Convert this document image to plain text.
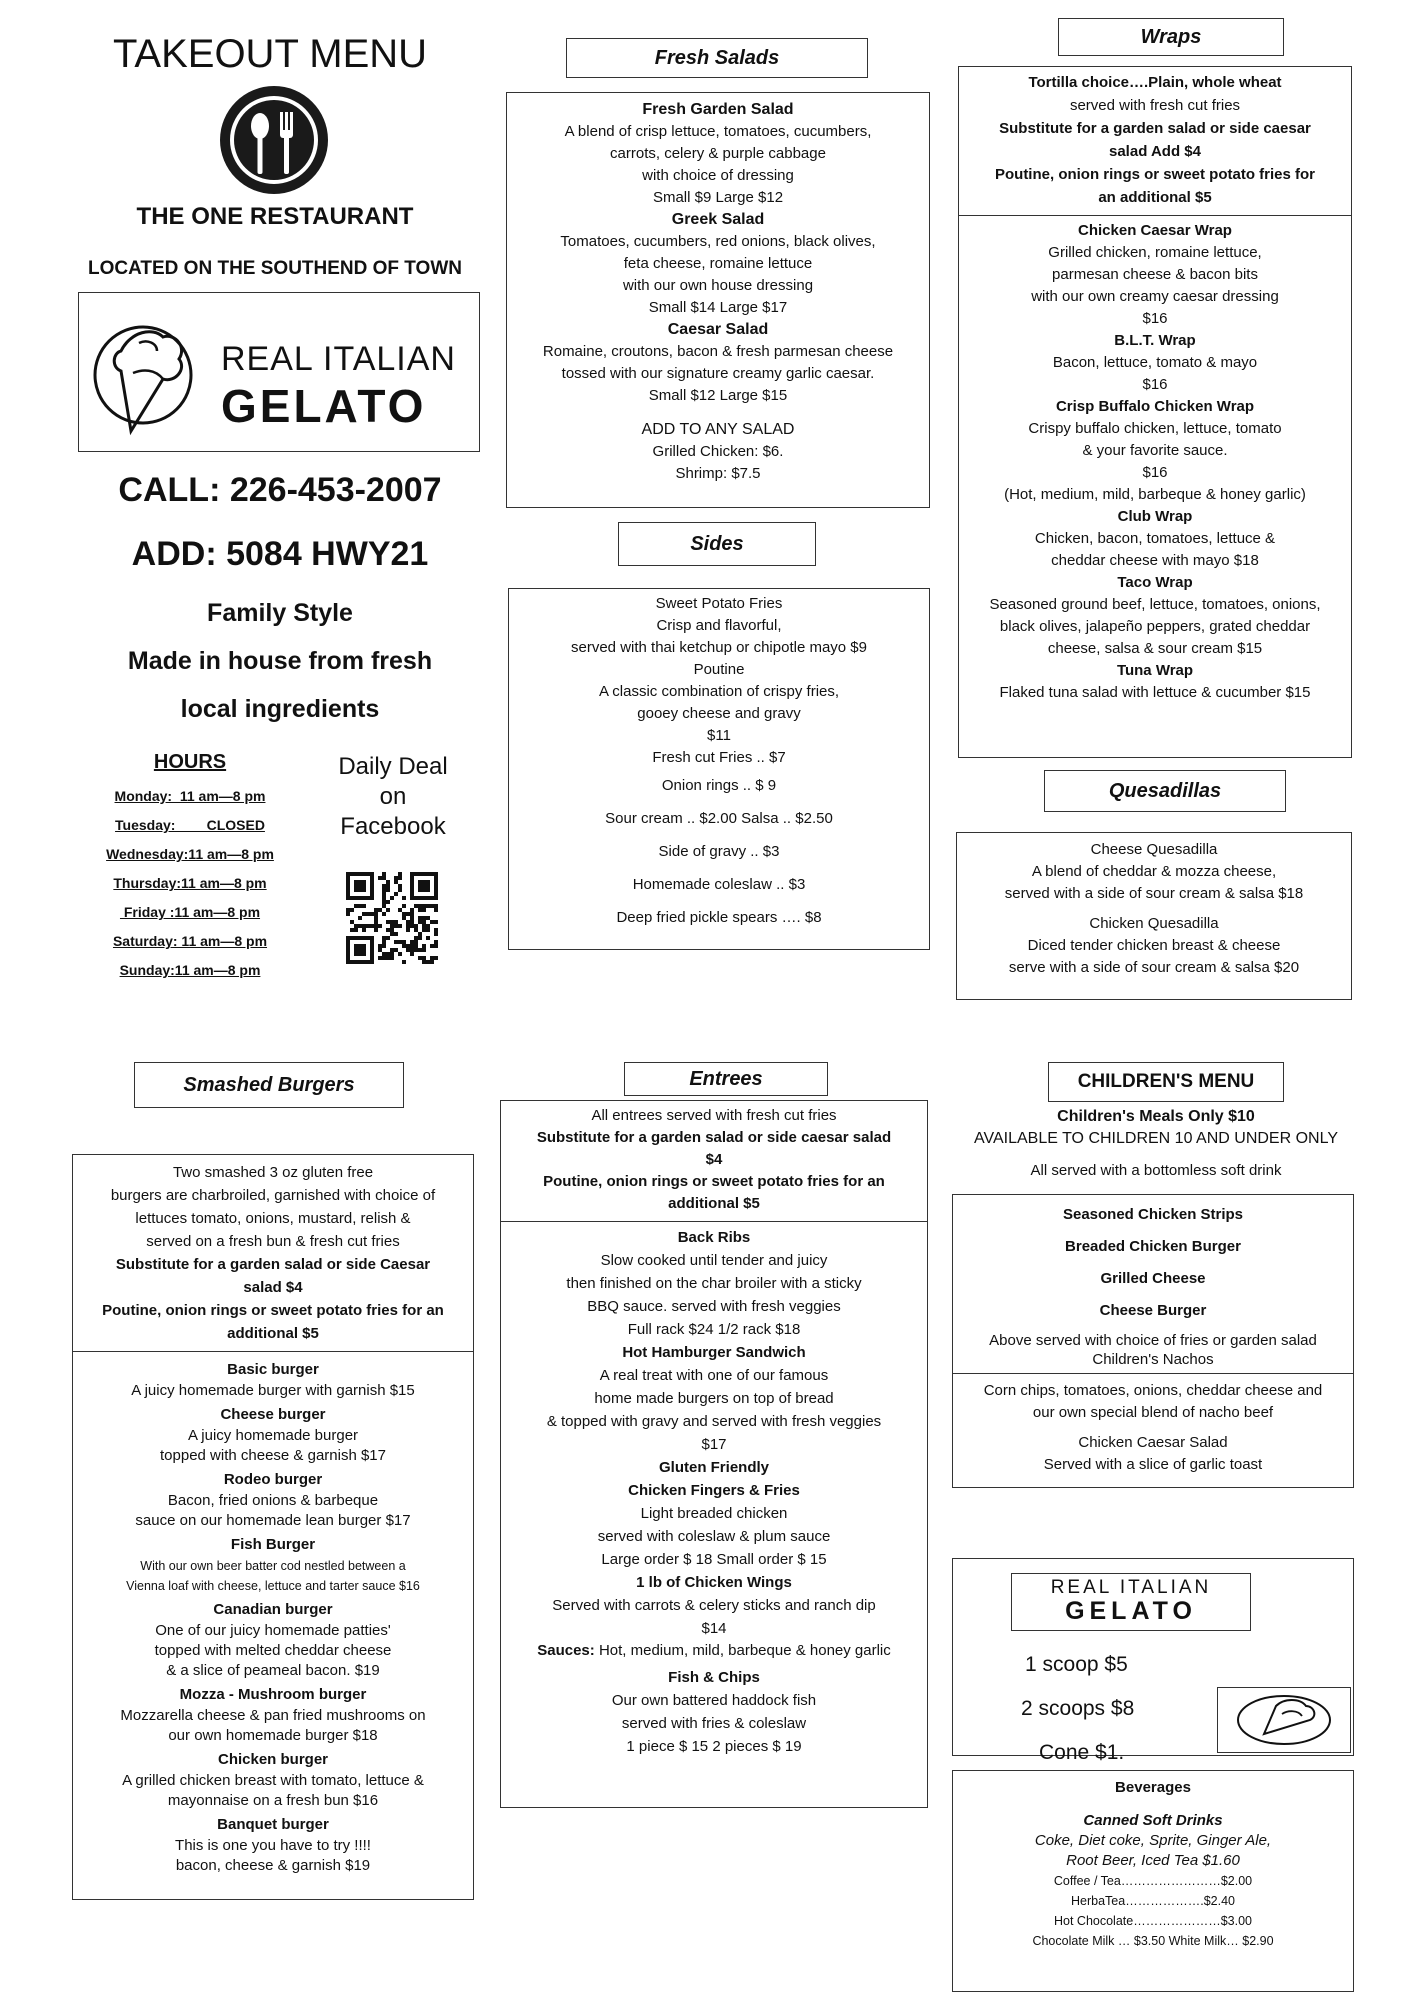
TAKEOUT MENU
THE ONE RESTAURANT
LOCATED ON THE SOUTHEND OF TOWN
REAL ITALIAN
GELATO
CALL: 226-453-2007
ADD: 5084 HWY21
Family Style
Made in house from fresh
local ingredients
HOURS
Monday:  11 am—8 pm
Tuesday:        CLOSED
Wednesday:11 am—8 pm
Thursday:11 am—8 pm
Friday :11 am—8 pm
Saturday: 11 am—8 pm
Sunday:11 am—8 pm
Daily Deal
on
Facebook
Fresh Salads
Fresh Garden Salad
A blend of crisp lettuce, tomatoes, cucumbers,
carrots, celery & purple cabbage
with choice of dressing
Small $9 Large $12
Greek Salad
Tomatoes, cucumbers, red onions, black olives,
feta cheese, romaine lettuce
with our own house dressing
Small $14 Large $17
Caesar Salad
Romaine, croutons, bacon & fresh parmesan cheese
tossed with our signature creamy garlic caesar.
Small $12 Large $15
ADD TO ANY SALAD
Grilled Chicken: $6.
Shrimp: $7.5
Sides
Sweet Potato Fries
Crisp and flavorful,
served with thai ketchup or chipotle mayo $9
Poutine
A classic combination of crispy fries,
gooey cheese and gravy
$11
Fresh cut Fries .. $7
Onion rings .. $ 9
Sour cream .. $2.00 Salsa .. $2.50
Side of gravy .. $3
Homemade coleslaw .. $3
Deep fried pickle spears …. $8
Wraps
Tortilla choice….Plain, whole wheat
served with fresh cut fries
Substitute for a garden salad or side caesar
salad Add $4
Poutine, onion rings or sweet potato fries for
an additional $5
Chicken Caesar Wrap
Grilled chicken, romaine lettuce,
parmesan cheese & bacon bits
with our own creamy caesar dressing
$16
B.L.T. Wrap
Bacon, lettuce, tomato & mayo
$16
Crisp Buffalo Chicken Wrap
Crispy buffalo chicken, lettuce, tomato
& your favorite sauce.
$16
(Hot, medium, mild, barbeque & honey garlic)
Club Wrap
Chicken, bacon, tomatoes, lettuce &
cheddar cheese with mayo $18
Taco Wrap
Seasoned ground beef, lettuce, tomatoes, onions,
black olives, jalapeño peppers, grated cheddar
cheese, salsa & sour cream $15
Tuna Wrap
Flaked tuna salad with lettuce & cucumber $15
Quesadillas
Cheese Quesadilla
A blend of cheddar & mozza cheese,
served with a side of sour cream & salsa $18
Chicken Quesadilla
Diced tender chicken breast & cheese
serve with a side of sour cream & salsa $20
Smashed Burgers
Two smashed 3 oz gluten free
burgers are charbroiled, garnished with choice of
lettuces tomato, onions, mustard, relish &
served on a fresh bun & fresh cut fries
Substitute for a garden salad or side Caesar
salad $4
Poutine, onion rings or sweet potato fries for an
additional $5
Basic burger
A juicy homemade burger with garnish $15
Cheese burger
A juicy homemade burger
topped with cheese & garnish $17
Rodeo burger
Bacon, fried onions & barbeque
sauce on our homemade lean burger $17
Fish Burger
With our own beer batter cod nestled between a
Vienna loaf with cheese, lettuce and tarter sauce $16
Canadian burger
One of our juicy homemade patties'
topped with melted cheddar cheese
& a slice of peameal bacon. $19
Mozza - Mushroom burger
Mozzarella cheese & pan fried mushrooms on
our own homemade burger $18
Chicken burger
A grilled chicken breast with tomato, lettuce &
mayonnaise on a fresh bun $16
Banquet burger
This is one you have to try !!!!
bacon, cheese & garnish $19
Entrees
All entrees served with fresh cut fries
Substitute for a garden salad or side caesar salad
$4
Poutine, onion rings or sweet potato fries for an
additional $5
Back Ribs
Slow cooked until tender and juicy
then finished on the char broiler with a sticky
BBQ sauce. served with fresh veggies
Full rack $24 1/2 rack $18
Hot Hamburger Sandwich
A real treat with one of our famous
home made burgers on top of bread
& topped with gravy and served with fresh veggies
$17
Gluten Friendly
Chicken Fingers & Fries
Light breaded chicken
served with coleslaw & plum sauce
Large order $ 18 Small order $ 15
1 lb of Chicken Wings
Served with carrots & celery sticks and ranch dip
$14
Sauces: Hot, medium, mild, barbeque & honey garlic
Fish & Chips
Our own battered haddock fish
served with fries & coleslaw
1 piece $ 15 2 pieces $ 19
CHILDREN'S MENU
Children's Meals Only $10
AVAILABLE TO CHILDREN 10 AND UNDER ONLY
All served with a bottomless soft drink
Seasoned Chicken Strips
Breaded Chicken Burger
Grilled Cheese
Cheese Burger
Above served with choice of fries or garden salad
Children's Nachos
Corn chips, tomatoes, onions, cheddar cheese and
our own special blend of nacho beef
Chicken Caesar Salad
Served with a slice of garlic toast
REAL ITALIAN
GELATO
1 scoop $5
2 scoops $8
Cone $1.
Beverages
Canned Soft Drinks
Coke, Diet coke, Sprite, Ginger Ale,
Root Beer, Iced Tea $1.60
Coffee / Tea……………………$2.00
HerbaTea……………….$2.40
Hot Chocolate…………………$3.00
Chocolate Milk … $3.50 White Milk… $2.90
